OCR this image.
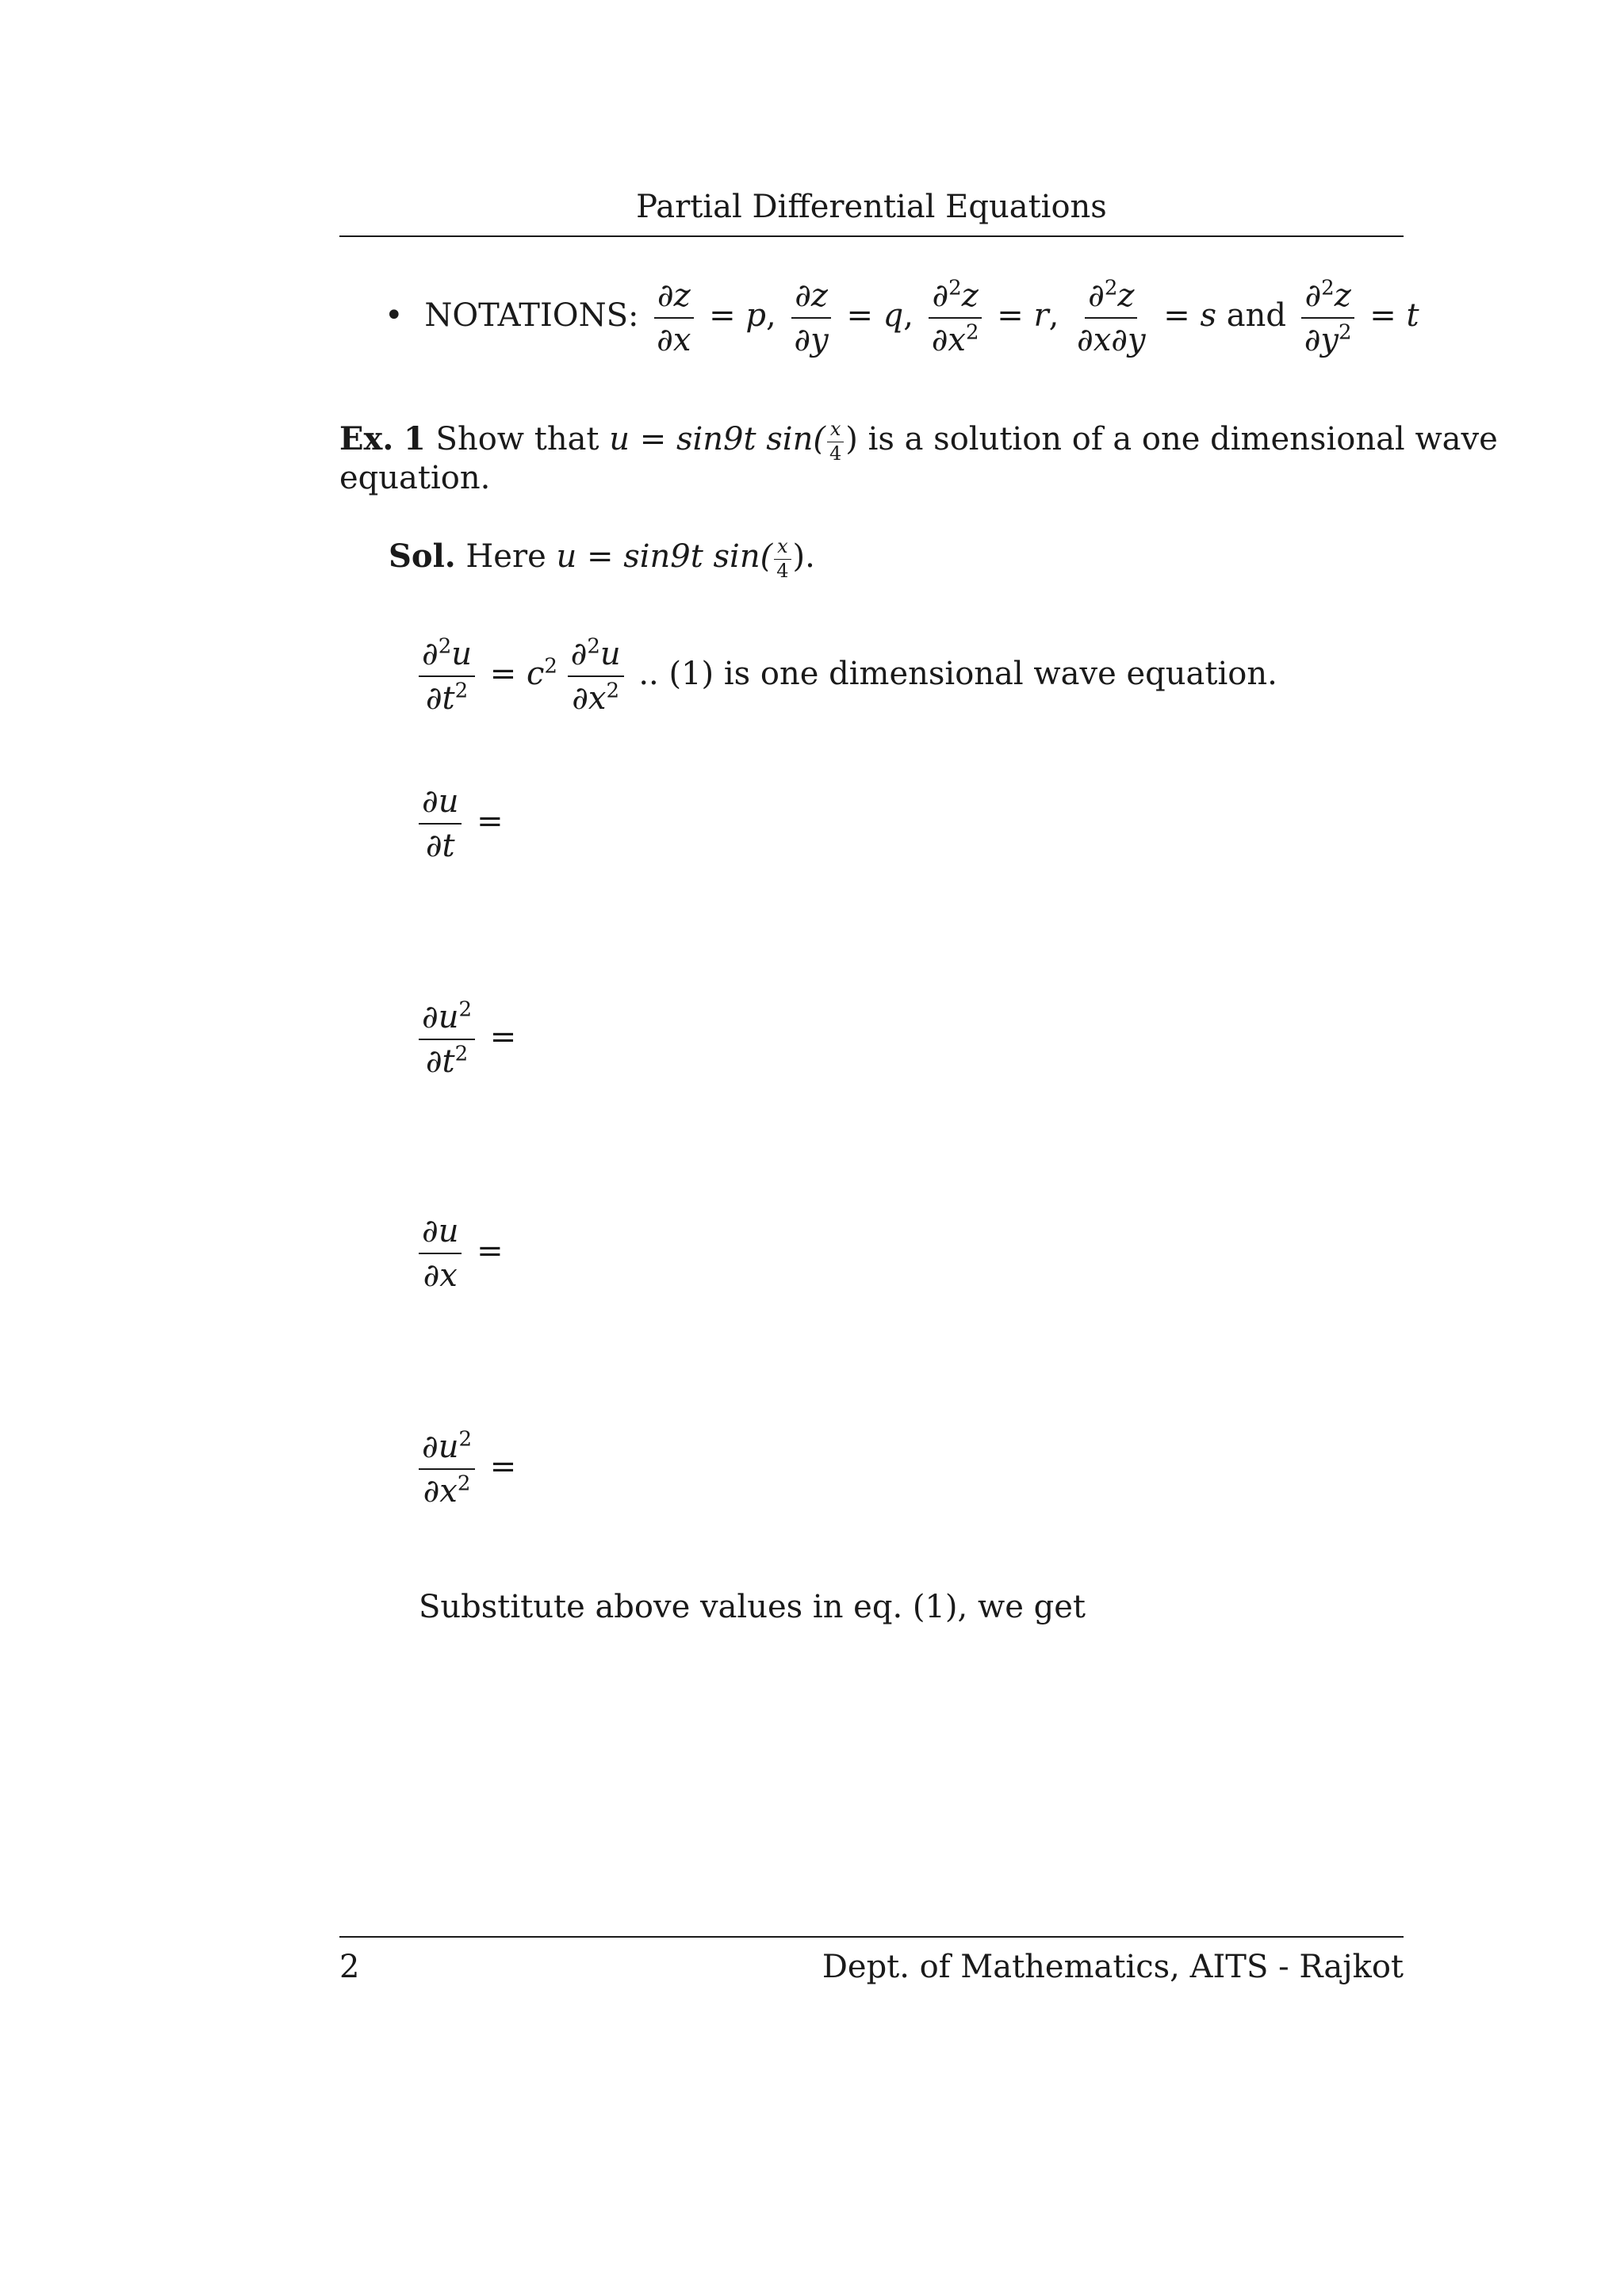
Partial Differential Equations
• NOTATIONS: $\frac{\partial z}{\partial x} = p$, $\frac{\partial z}{\partial y} = q$, $\frac{\partial^2z}{\partial x^2} = r$, $\frac{\partial^2z}{\partial x\partial y} = s$ and $\frac{\partial^2z}{\partial y^2} = t$
Ex. 1 Show that u = sin9t $\sin( \frac{x}{4}$ ) is a solution of a one dimensional wave
equation.
Sol. Here u = sin9t $\sin( \frac{x}{4}$ ).
$\frac{\partial^2u}{\partial t^2} = c^2 \frac{\partial^2u}{\partial x^2}$ .. (1) is one dimensional wave equation.
$\frac{\partial u}{\partial t}$ =
$\frac{\partial u^2}{\partial t^2}$ =
$\frac{\partial u}{\partial x}$ =
$\frac{\partial u^2}{\partial x^2}$ =
Substitute above values in eq. (1), we get
2	Dept. of Mathematics, AITS - Rajkot
